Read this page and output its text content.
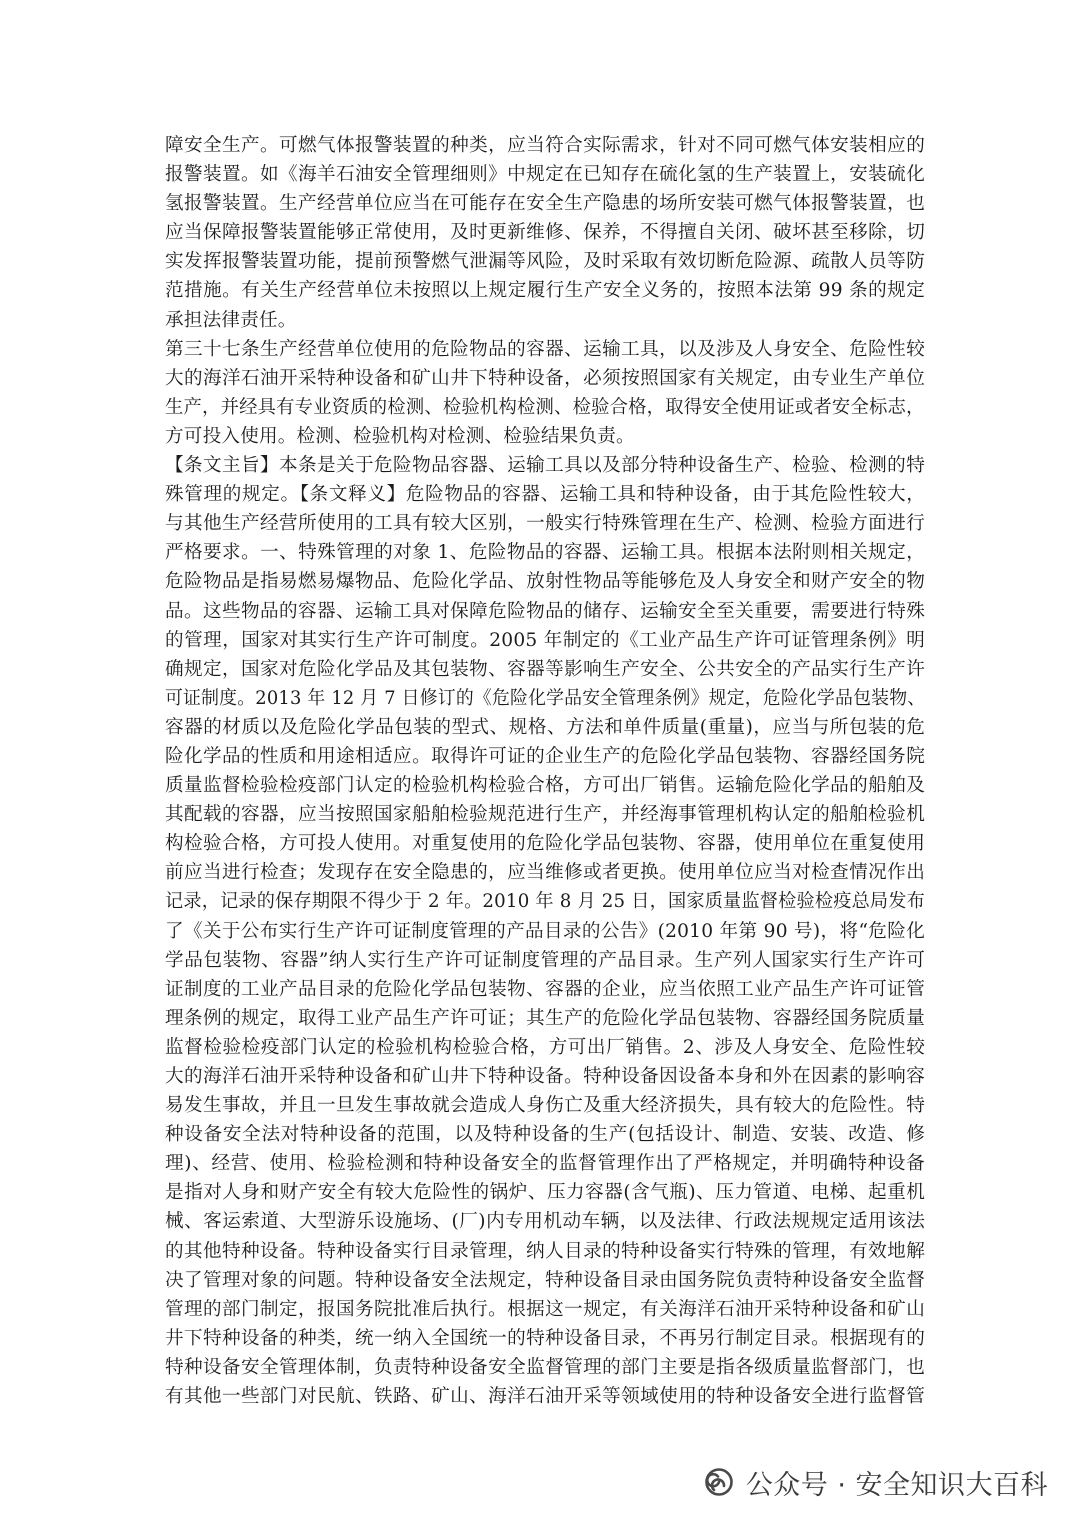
障安全生产。可燃气体报警装置的种类，应当符合实际需求，针对不同可燃气体安装相应的
报警装置。如《海羊石油安全管理细则》中规定在已知存在硫化氢的生产装置上，安装硫化
氢报警装置。生产经营单位应当在可能存在安全生产隐患的场所安装可燃气体报警装置，也
应当保障报警装置能够正常使用，及时更新维修、保养，不得擅自关闭、破坏甚至移除，切
实发挥报警装置功能，提前预警燃气泄漏等风险，及时采取有效切断危险源、疏散人员等防
范措施。有关生产经营单位未按照以上规定履行生产安全义务的，按照本法第 99 条的规定
承担法律责任。
第三十七条生产经营单位使用的危险物品的容器、运输工具，以及涉及人身安全、危险性较
大的海洋石油开采特种设备和矿山井下特种设备，必须按照国家有关规定，由专业生产单位
生产，并经具有专业资质的检测、检验机构检测、检验合格，取得安全使用证或者安全标志，
方可投入使用。检测、检验机构对检测、检验结果负责。
【条文主旨】本条是关于危险物品容器、运输工具以及部分特种设备生产、检验、检测的特
殊管理的规定。【条文释义】危险物品的容器、运输工具和特种设备，由于其危险性较大，
与其他生产经营所使用的工具有较大区别，一般实行特殊管理在生产、检测、检验方面进行
严格要求。一、特殊管理的对象 1、危险物品的容器、运输工具。根据本法附则相关规定，
危险物品是指易燃易爆物品、危险化学品、放射性物品等能够危及人身安全和财产安全的物
品。这些物品的容器、运输工具对保障危险物品的储存、运输安全至关重要，需要进行特殊
的管理，国家对其实行生产许可制度。2005 年制定的《工业产品生产许可证管理条例》明
确规定，国家对危险化学品及其包装物、容器等影响生产安全、公共安全的产品实行生产许
可证制度。2013 年 12 月 7 日修订的《危险化学品安全管理条例》规定，危险化学品包装物、
容器的材质以及危险化学品包装的型式、规格、方法和单件质量(重量)，应当与所包装的危
险化学品的性质和用途相适应。取得许可证的企业生产的危险化学品包装物、容器经国务院
质量监督检验检疫部门认定的检验机构检验合格，方可出厂销售。运输危险化学品的船舶及
其配载的容器，应当按照国家船舶检验规范进行生产，并经海事管理机构认定的船舶检验机
构检验合格，方可投人使用。对重复使用的危险化学品包装物、容器，使用单位在重复使用
前应当进行检查；发现存在安全隐患的，应当维修或者更换。使用单位应当对检查情况作出
记录，记录的保存期限不得少于 2 年。2010 年 8 月 25 日，国家质量监督检验检疫总局发布
了《关于公布实行生产许可证制度管理的产品目录的公告》(2010 年第 90 号)，将“危险化
学品包装物、容器”纳人实行生产许可证制度管理的产品目录。生产列人国家实行生产许可
证制度的工业产品目录的危险化学品包装物、容器的企业，应当依照工业产品生产许可证管
理条例的规定，取得工业产品生产许可证；其生产的危险化学品包装物、容器经国务院质量
监督检验检疫部门认定的检验机构检验合格，方可出厂销售。2、涉及人身安全、危险性较
大的海洋石油开采特种设备和矿山井下特种设备。特种设备因设备本身和外在因素的影响容
易发生事故，并且一旦发生事故就会造成人身伤亡及重大经济损失，具有较大的危险性。特
种设备安全法对特种设备的范围，以及特种设备的生产(包括设计、制造、安装、改造、修
理)、经营、使用、检验检测和特种设备安全的监督管理作出了严格规定，并明确特种设备
是指对人身和财产安全有较大危险性的锅炉、压力容器(含气瓶)、压力管道、电梯、起重机
械、客运索道、大型游乐设施场、(厂)内专用机动车辆，以及法律、行政法规规定适用该法
的其他特种设备。特种设备实行目录管理，纳人目录的特种设备实行特殊的管理，有效地解
决了管理对象的问题。特种设备安全法规定，特种设备目录由国务院负责特种设备安全监督
管理的部门制定，报国务院批准后执行。根据这一规定，有关海洋石油开采特种设备和矿山
井下特种设备的种类，统一纳入全国统一的特种设备目录，不再另行制定目录。根据现有的
特种设备安全管理体制，负责特种设备安全监督管理的部门主要是指各级质量监督部门，也
有其他一些部门对民航、铁路、矿山、海洋石油开采等领域使用的特种设备安全进行监督管
公众号 · 安全知识大百科
